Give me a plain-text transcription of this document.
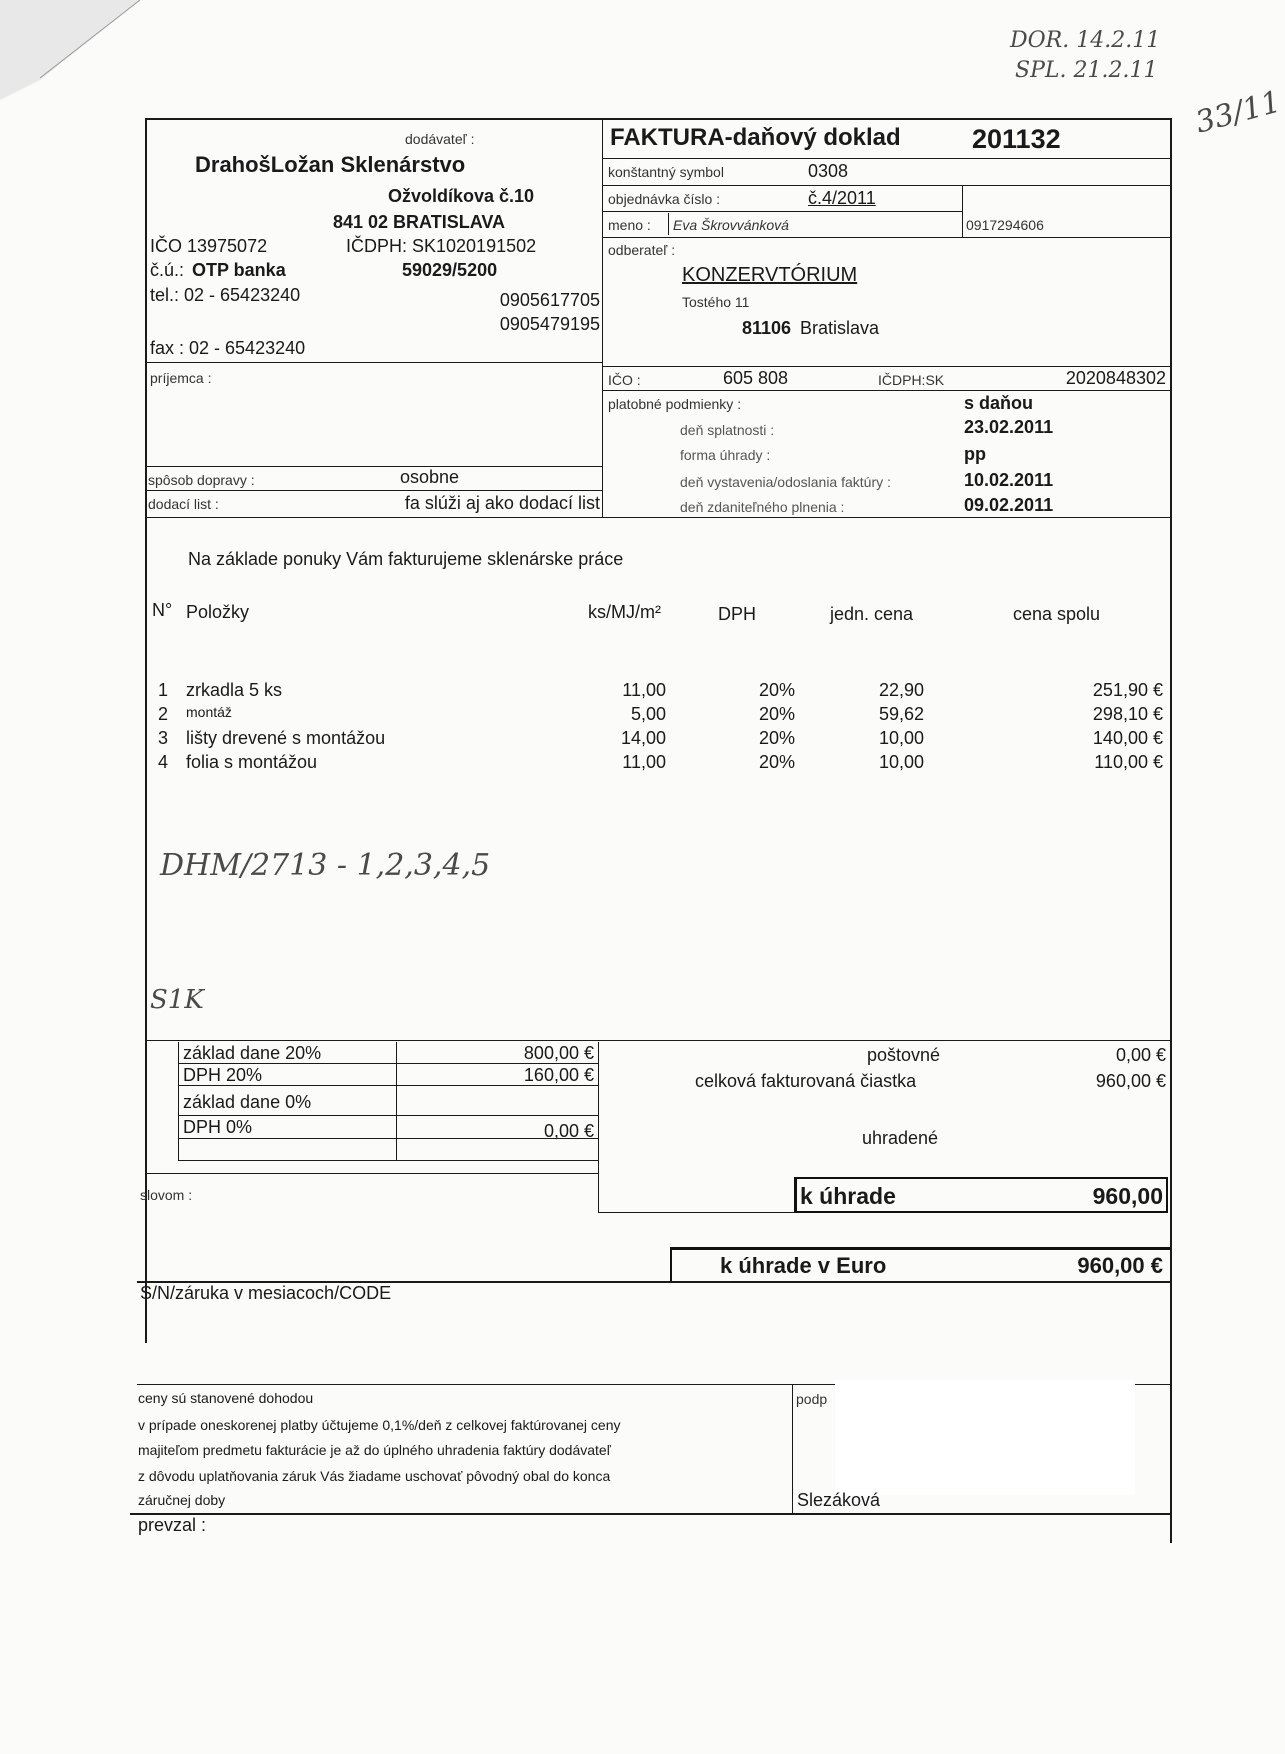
DOR. 14.2.11
SPL. 21.2.11
33/11
dodávateľ :
DrahošLožan Sklenárstvo
Ožvoldíkova č.10
841 02 BRATISLAVA
IČO 13975072	IČDPH: SK1020191502
č.ú.: OTP banka	59029/5200
tel.: 02 - 65423240	0905617705
0905479195
fax : 02 - 65423240
FAKTURA-daňový doklad	201132
konštantný symbol	0308
objednávka číslo :	č.4/2011
meno : Eva Škrovvánková	0917294606
odberateľ :
KONZERVTÓRIUM
Tostého 11
81106 Bratislava
IČO :	605 808	IČDPH:SK	2020848302
príjemca :
spôsob dopravy :	osobne
dodací list :	fa slúži aj ako dodací list
platobné podmienky :	s daňou
deň splatnosti :	23.02.2011
forma úhrady :	pp
deň vystavenia/odoslania faktúry :	10.02.2011
deň zdaniteľného plnenia :	09.02.2011
Na základe ponuky Vám fakturujeme sklenárske práce
N° Položky	ks/MJ/m²	DPH	jedn. cena	cena spolu
1 zrkadla 5 ks	11,00	20%	22,90	251,90 €
2	montáž	5,00	20%	59,62	298,10 €
3 lišty drevené s montážou	14,00	20%	10,00	140,00 €
4 folia s montážou	11,00	20%	10,00	110,00 €
DHM/2713 - 1,2,3,4,5
S1K
základ dane 20%	800,00 €
DPH 20%	160,00 €
základ dane 0%
DPH 0%	0,00 €
poštovné	0,00 €
celková fakturovaná čiastka	960,00 €
uhradené
slovom :	k úhrade	960,00
k úhrade v Euro	960,00 €
S/N/záruka v mesiacoch/CODE
ceny sú stanovené dohodou
v prípade oneskorenej platby účtujeme 0,1%/deň z celkovej faktúrovanej ceny
majiteľom predmetu fakturácie je až do úplného uhradenia faktúry dodávateľ
z dôvodu uplatňovania záruk Vás žiadame uschovať pôvodný obal do konca
záručnej doby
podp
Slezáková
prevzal :
